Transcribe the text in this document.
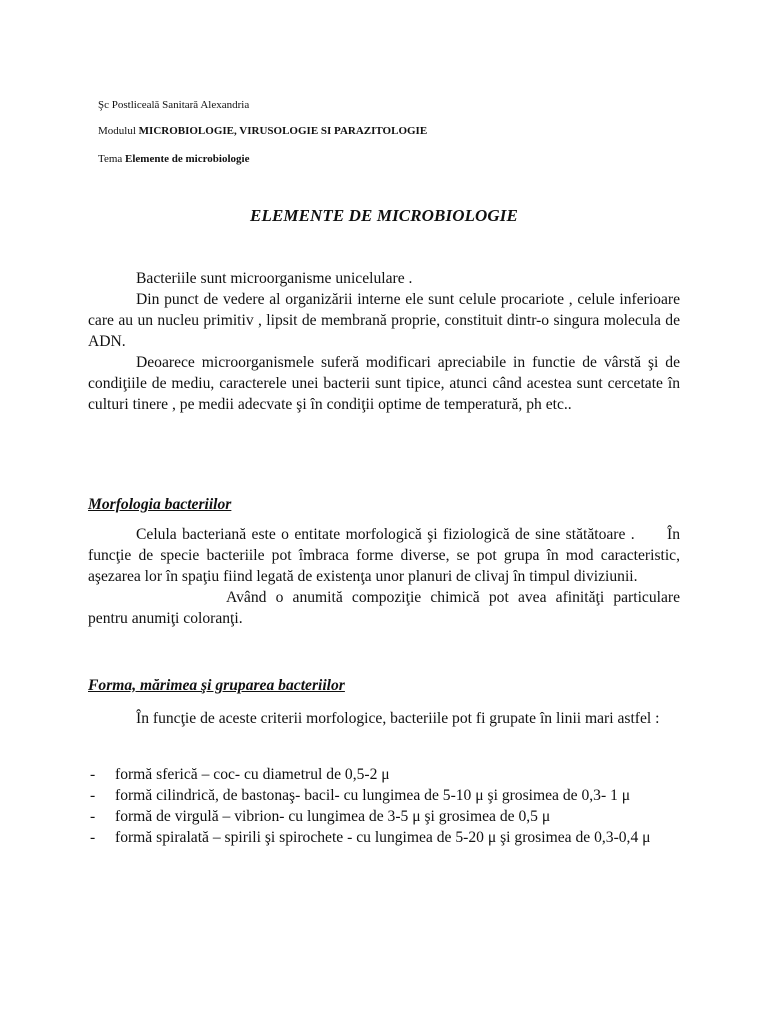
Şc Postliceală Sanitară Alexandria
Modulul MICROBIOLOGIE, VIRUSOLOGIE SI PARAZITOLOGIE
Tema Elemente de microbiologie
ELEMENTE DE MICROBIOLOGIE

Bacteriile sunt microorganisme unicelulare .

Din punct de vedere al organizării interne ele sunt celule procariote , celule inferioare care au un nucleu primitiv , lipsit de membrană proprie, constituit dintr-o singura molecula de ADN.

Deoarece microorganismele suferă modificari apreciabile in functie de vârstă şi de condiţiile de mediu, caracterele unei bacterii sunt tipice, atunci când acestea sunt cercetate în culturi tinere , pe medii adecvate şi în condiţii optime de temperatură, ph etc..

Morfologia bacteriilor

Celula bacteriană este o entitate morfologică şi fiziologică de sine stătătoare .      În funcţie de specie bacteriile pot îmbraca forme diverse, se pot grupa în mod caracteristic, aşezarea lor în spaţiu fiind legată de existenţa unor planuri de clivaj în timpul diviziunii.

Având o anumită compoziţie chimică pot avea afinităţi particulare pentru anumiţi coloranţi.

Forma, mărimea şi gruparea bacteriilor

În funcţie de aceste criterii morfologice, bacteriile pot fi grupate în linii mari astfel :

- formă sferică – coc- cu diametrul de 0,5-2 μ
- formă cilindrică, de bastonaş- bacil- cu lungimea de 5-10 μ şi grosimea de 0,3- 1 μ
- formă de virgulă – vibrion- cu lungimea de 3-5 μ şi grosimea de 0,5 μ
- formă spiralată – spirili şi spirochete - cu lungimea de 5-20 μ şi grosimea de 0,3-0,4 μ
